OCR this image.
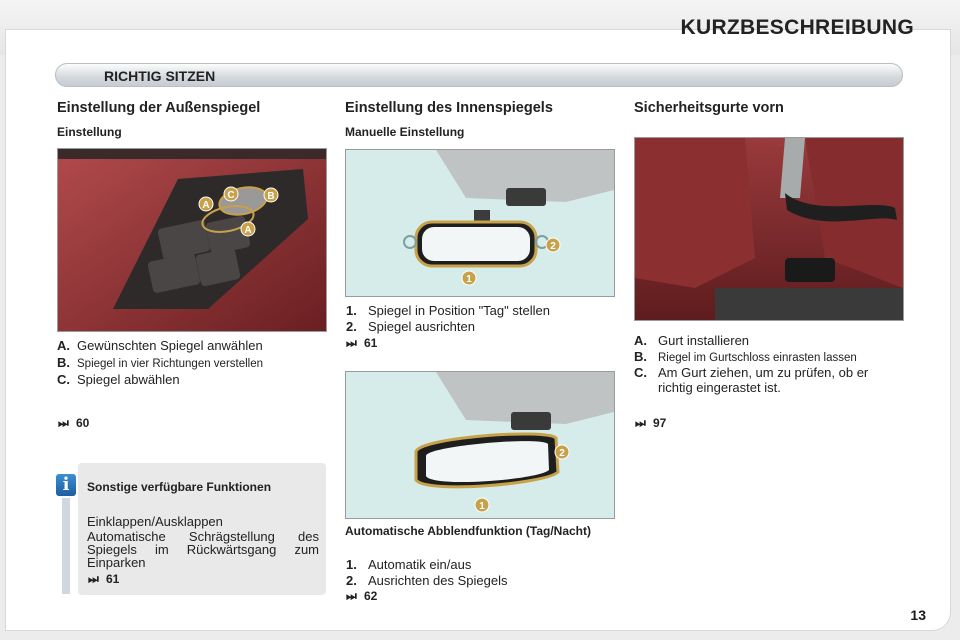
KURZBESCHREIBUNG
RICHTIG SITZEN
Einstellung der Außenspiegel
Einstellung
A
B
C
A
A. Gewünschten Spiegel anwählen
B. Spiegel in vier Richtungen verstellen
C. Spiegel abwählen
⏭ 60
i	Sonstige verfügbare Funktionen
Einklappen/Ausklappen
Automatische Schrägstellung des Spiegels im Rückwärtsgang zum Einparken
⏭ 61
Einstellung des Innenspiegels
Manuelle Einstellung
1
2
1. Spiegel in Position "Tag" stellen
2. Spiegel ausrichten
⏭ 61
1
2
Automatische Abblendfunktion (Tag/Nacht)
1. Automatik ein/aus
2. Ausrichten des Spiegels
⏭ 62
Sicherheitsgurte vorn
A. Gurt installieren
B. Riegel im Gurtschloss einrasten lassen
C. Am Gurt ziehen, um zu prüfen, ob er richtig eingerastet ist.
⏭ 97
13
